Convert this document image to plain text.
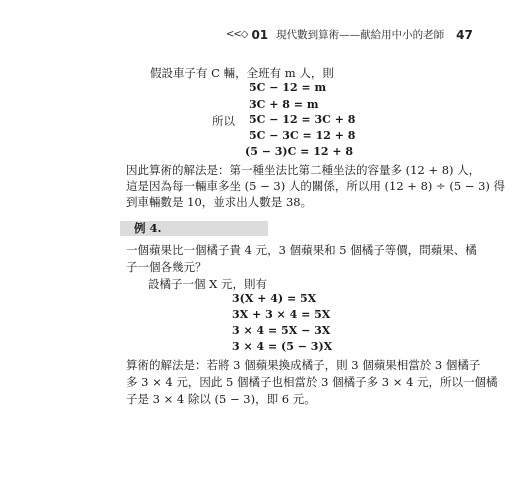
<<◇ 01 現代數到算術——献給用中小的老師 47
假設車子有 C 輛，全班有 m 人，則
5C − 12 = m
3C + 8 = m
所以 5C − 12 = 3C + 8
5C − 3C = 12 + 8
(5 − 3)C = 12 + 8
因此算術的解法是：第一種坐法比第二種坐法的容量多 (12 + 8) 人，
這是因為每一輛車多坐 (5 − 3) 人的關係，所以用 (12 + 8) ÷ (5 − 3) 得
到車輛數是 10，並求出人數是 38。
例 4.
一個蘋果比一個橘子貴 4 元，3 個蘋果和 5 個橘子等價，問蘋果、橘
子一個各幾元？
設橘子一個 X 元，則有
3(X + 4) = 5X
3X + 3 × 4 = 5X
3 × 4 = 5X − 3X
3 × 4 = (5 − 3)X
算術的解法是：若將 3 個蘋果換成橘子，則 3 個蘋果相當於 3 個橘子
多 3 × 4 元，因此 5 個橘子也相當於 3 個橘子多 3 × 4 元，所以一個橘
子是 3 × 4 除以 (5 − 3)，即 6 元。
